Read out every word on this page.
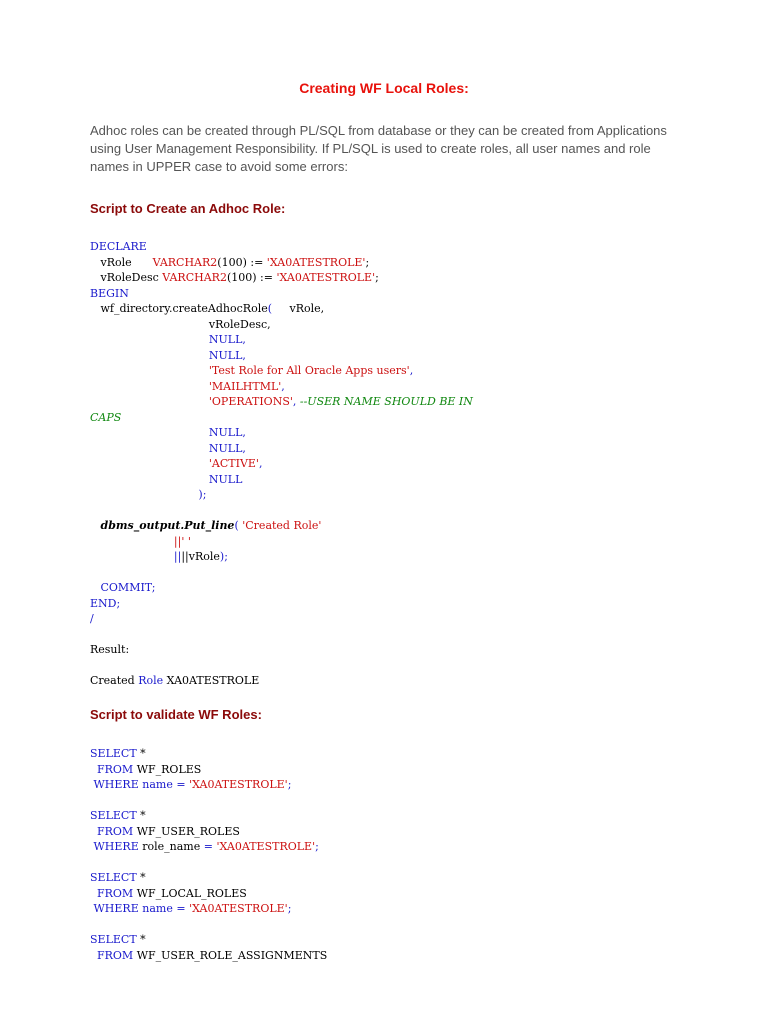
Creating WF Local Roles:
Adhoc roles can be created through PL/SQL from database or they can be created from Applications using User Management Responsibility. If PL/SQL is used to create roles, all user names and role names in UPPER case to avoid some errors:
Script to Create an Adhoc Role:
DECLARE
vRole      VARCHAR2(100) := 'XA0ATESTROLE';
vRoleDesc VARCHAR2(100) := 'XA0ATESTROLE';
BEGIN
wf_directory.createAdhocRole(     vRole,
vRoleDesc,
NULL,
NULL,
'Test Role for All Oracle Apps users',
'MAILHTML',
'OPERATIONS', --USER NAME SHOULD BE IN
CAPS
NULL,
NULL,
'ACTIVE',
NULL
);

dbms_output.Put_line( 'Created Role'
||' '
||||vRole);

COMMIT;
END;
/

Result:

Created Role XA0ATESTROLE
Script to validate WF Roles:
SELECT *
FROM WF_ROLES
WHERE name = 'XA0ATESTROLE';

SELECT *
FROM WF_USER_ROLES
WHERE role_name = 'XA0ATESTROLE';

SELECT *
FROM WF_LOCAL_ROLES
WHERE name = 'XA0ATESTROLE';

SELECT *
FROM WF_USER_ROLE_ASSIGNMENTS
